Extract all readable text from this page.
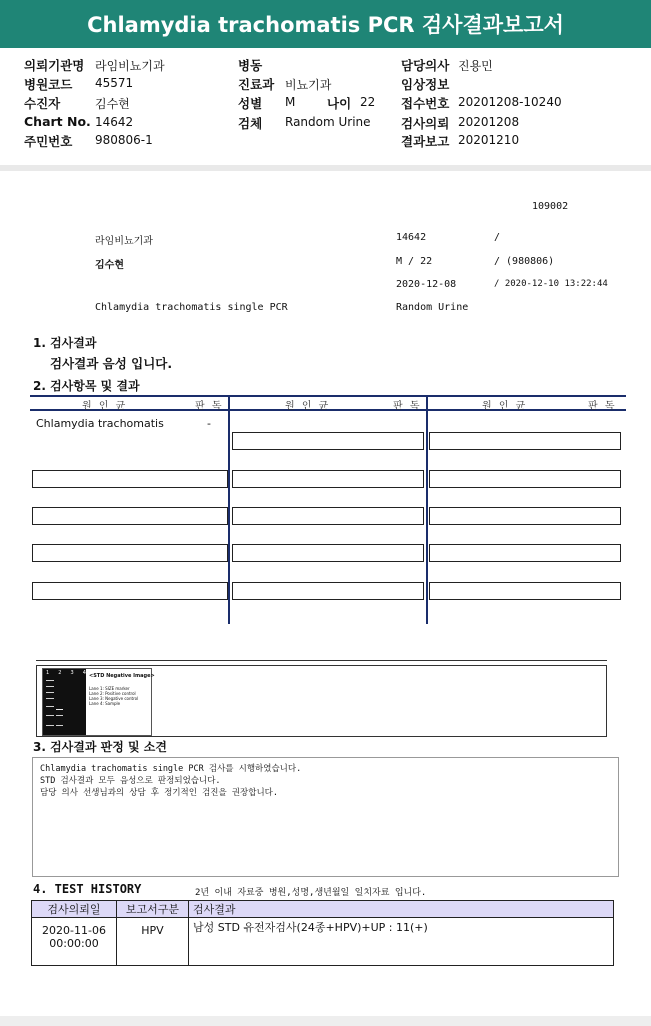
Chlamydia trachomatis PCR 검사결과보고서
의뢰기관명 라임비뇨기과
병원코드 45571
수진자	김수현
Chart No. 14642
주민번호 980806-1
병동
진료과 비뇨기과
성별 M	나이 22
검체 Random Urine
담당의사 진용민
임상정보
접수번호 20201208-10240
검사의뢰 20201208
결과보고 20201210
109002
라임비뇨기과	14642	/
김수현	M / 22	/ (980806)
2020-12-08	/ 2020-12-10 13:22:44
Chlamydia trachomatis single PCR	Random Urine
1. 검사결과
검사결과 음성 입니다.
2. 검사항목 및 결과
원 인 균	판 독	원 인 균	판 독	원 인 균	판 독
Chlamydia trachomatis	-
1 2 3 4 <STD Negative Image>
Lane 1: SIZE marker
Lane 2: Positive control
Lane 3: Negative control
Lane 4: Sample
3. 검사결과 판정 및 소견
Chlamydia trachomatis single PCR 검사를 시행하였습니다.
STD 검사결과 모두 음성으로 판정되었습니다.
담당 의사 선생님과의 상담 후 정기적인 검진을 권장합니다.
4. TEST HISTORY	2년 이내 자료중 병원,성명,생년월일 일치자료 입니다.
검사의뢰일	보고서구분	검사결과

2020-11-06
00:00:00	HPV	남성 STD 유전자검사(24종+HPV)+UP : 11(+)
